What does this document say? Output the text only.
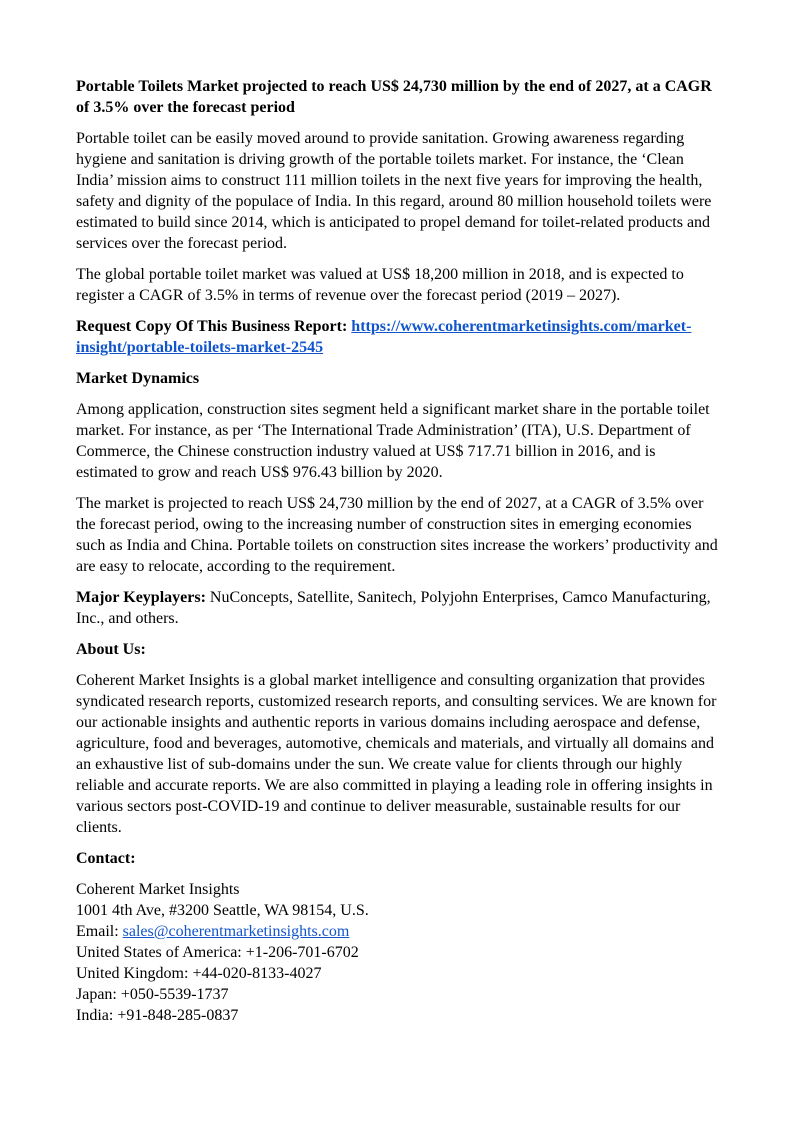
Portable Toilets Market projected to reach US$ 24,730 million by the end of 2027, at a CAGR of 3.5% over the forecast period

Portable toilet can be easily moved around to provide sanitation. Growing awareness regarding hygiene and sanitation is driving growth of the portable toilets market. For instance, the ‘Clean India’ mission aims to construct 111 million toilets in the next five years for improving the health, safety and dignity of the populace of India. In this regard, around 80 million household toilets were estimated to build since 2014, which is anticipated to propel demand for toilet-related products and services over the forecast period.

The global portable toilet market was valued at US$ 18,200 million in 2018, and is expected to register a CAGR of 3.5% in terms of revenue over the forecast period (2019 – 2027).

Request Copy Of This Business Report: https://www.coherentmarketinsights.com/market-insight/portable-toilets-market-2545

Market Dynamics

Among application, construction sites segment held a significant market share in the portable toilet market. For instance, as per ‘The International Trade Administration’ (ITA), U.S. Department of Commerce, the Chinese construction industry valued at US$ 717.71 billion in 2016, and is estimated to grow and reach US$ 976.43 billion by 2020.

The market is projected to reach US$ 24,730 million by the end of 2027, at a CAGR of 3.5% over the forecast period, owing to the increasing number of construction sites in emerging economies such as India and China. Portable toilets on construction sites increase the workers’ productivity and are easy to relocate, according to the requirement.

Major Keyplayers: NuConcepts, Satellite, Sanitech, Polyjohn Enterprises, Camco Manufacturing, Inc., and others.

About Us:

Coherent Market Insights is a global market intelligence and consulting organization that provides syndicated research reports, customized research reports, and consulting services. We are known for our actionable insights and authentic reports in various domains including aerospace and defense, agriculture, food and beverages, automotive, chemicals and materials, and virtually all domains and an exhaustive list of sub-domains under the sun. We create value for clients through our highly reliable and accurate reports. We are also committed in playing a leading role in offering insights in various sectors post-COVID-19 and continue to deliver measurable, sustainable results for our clients.

Contact:

Coherent Market Insights
1001 4th Ave, #3200 Seattle, WA 98154, U.S.
Email: sales@coherentmarketinsights.com
United States of America: +1-206-701-6702
United Kingdom: +44-020-8133-4027
Japan: +050-5539-1737
India: +91-848-285-0837
